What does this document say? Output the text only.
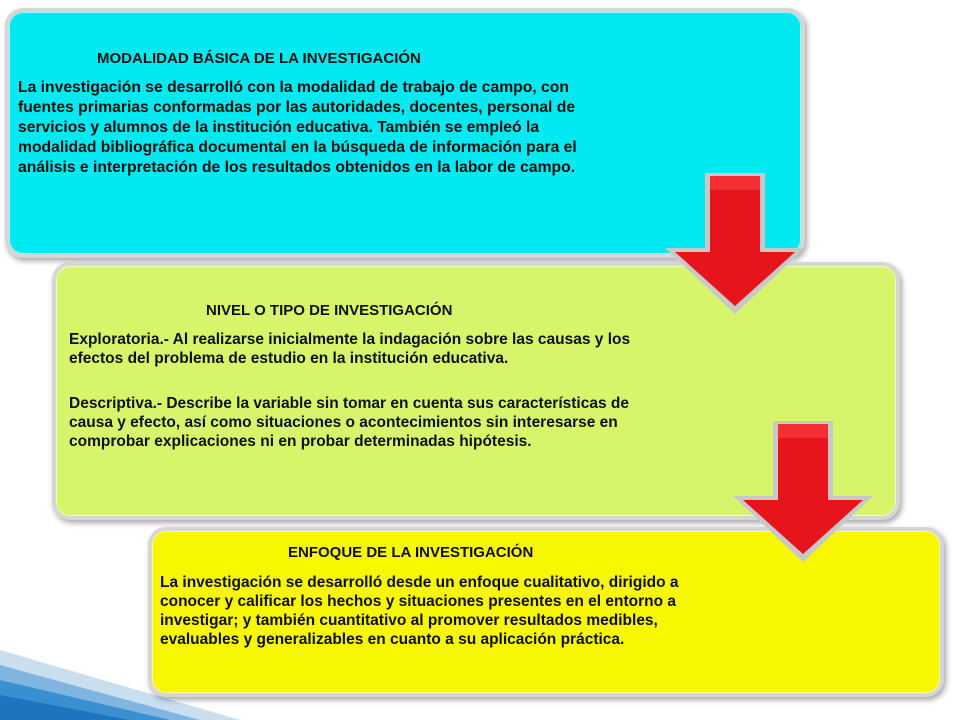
MODALIDAD BÁSICA DE LA INVESTIGACIÓN

La investigación se desarrolló con la modalidad de trabajo de campo, con fuentes primarias conformadas por las autoridades, docentes, personal de servicios y alumnos de la institución educativa. También se empleó la modalidad bibliográfica documental en la búsqueda de información para el análisis e interpretación de los resultados obtenidos en la labor de campo.

NIVEL O TIPO DE INVESTIGACIÓN

Exploratoria.- Al realizarse inicialmente la indagación sobre las causas y los efectos del problema de estudio en la institución educativa.

Descriptiva.- Describe la variable sin tomar en cuenta sus características de causa y efecto, así como situaciones o acontecimientos sin interesarse en comprobar explicaciones ni en probar determinadas hipótesis.

ENFOQUE DE LA INVESTIGACIÓN

La investigación se desarrolló desde un enfoque cualitativo, dirigido a conocer y calificar los hechos y situaciones presentes en el entorno a investigar; y también cuantitativo al promover resultados medibles, evaluables y generalizables en cuanto a su aplicación práctica.
